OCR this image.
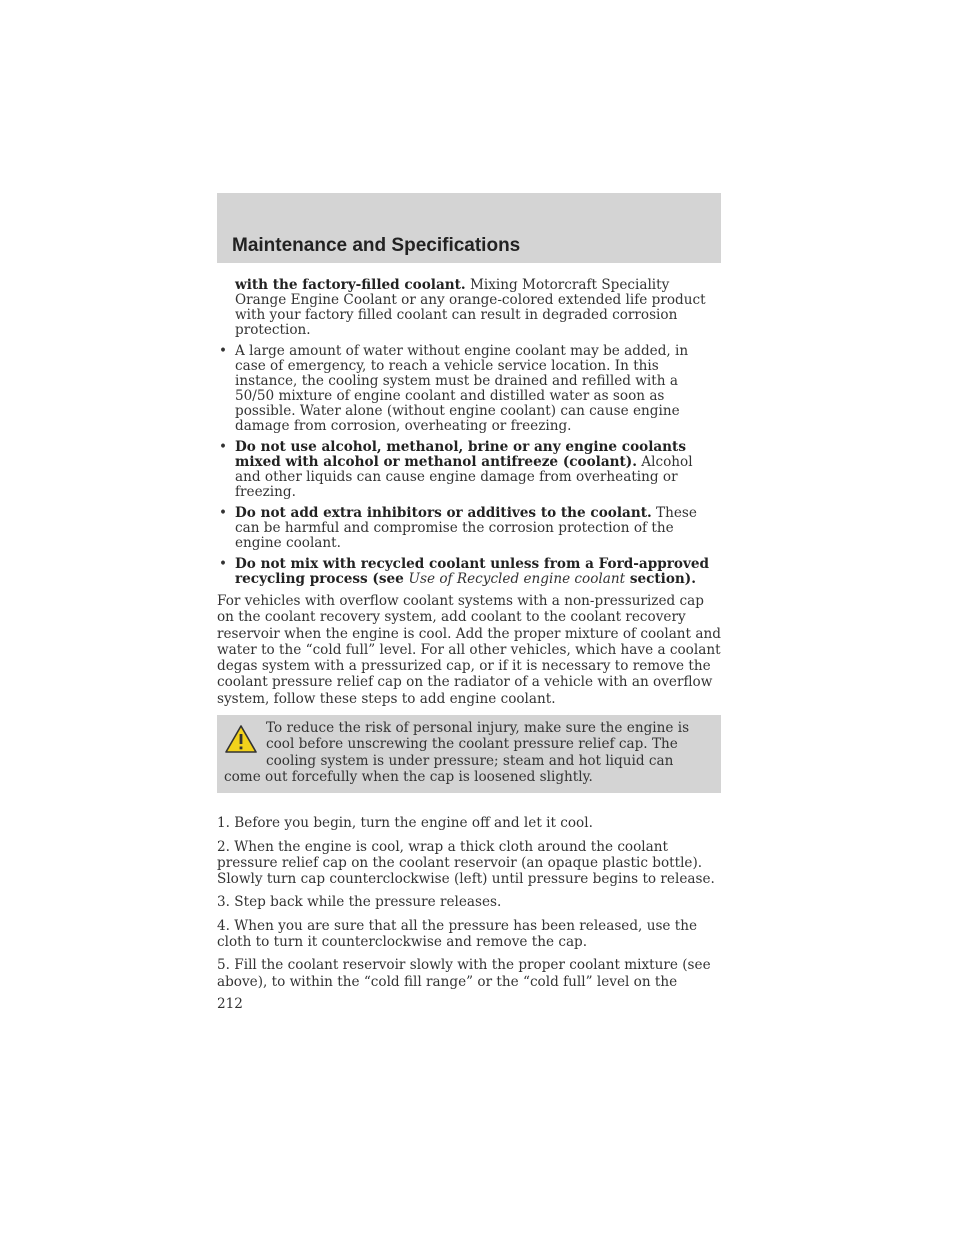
Maintenance and Specifications

with the factory-filled coolant. Mixing Motorcraft Speciality Orange Engine Coolant or any orange-colored extended life product with your factory filled coolant can result in degraded corrosion protection.

• A large amount of water without engine coolant may be added, in case of emergency, to reach a vehicle service location. In this instance, the cooling system must be drained and refilled with a 50/50 mixture of engine coolant and distilled water as soon as possible. Water alone (without engine coolant) can cause engine damage from corrosion, overheating or freezing.
• Do not use alcohol, methanol, brine or any engine coolants mixed with alcohol or methanol antifreeze (coolant). Alcohol and other liquids can cause engine damage from overheating or freezing.
• Do not add extra inhibitors or additives to the coolant. These can be harmful and compromise the corrosion protection of the engine coolant.
• Do not mix with recycled coolant unless from a Ford-approved recycling process (see Use of Recycled engine coolant section).

For vehicles with overflow coolant systems with a non-pressurized cap on the coolant recovery system, add coolant to the coolant recovery reservoir when the engine is cool. Add the proper mixture of coolant and water to the “cold full” level. For all other vehicles, which have a coolant degas system with a pressurized cap, or if it is necessary to remove the coolant pressure relief cap on the radiator of a vehicle with an overflow system, follow these steps to add engine coolant.

To reduce the risk of personal injury, make sure the engine is cool before unscrewing the coolant pressure relief cap. The cooling system is under pressure; steam and hot liquid can come out forcefully when the cap is loosened slightly.

1. Before you begin, turn the engine off and let it cool.

2. When the engine is cool, wrap a thick cloth around the coolant pressure relief cap on the coolant reservoir (an opaque plastic bottle). Slowly turn cap counterclockwise (left) until pressure begins to release.

3. Step back while the pressure releases.

4. When you are sure that all the pressure has been released, use the cloth to turn it counterclockwise and remove the cap.

5. Fill the coolant reservoir slowly with the proper coolant mixture (see above), to within the “cold fill range” or the “cold full” level on the

212
